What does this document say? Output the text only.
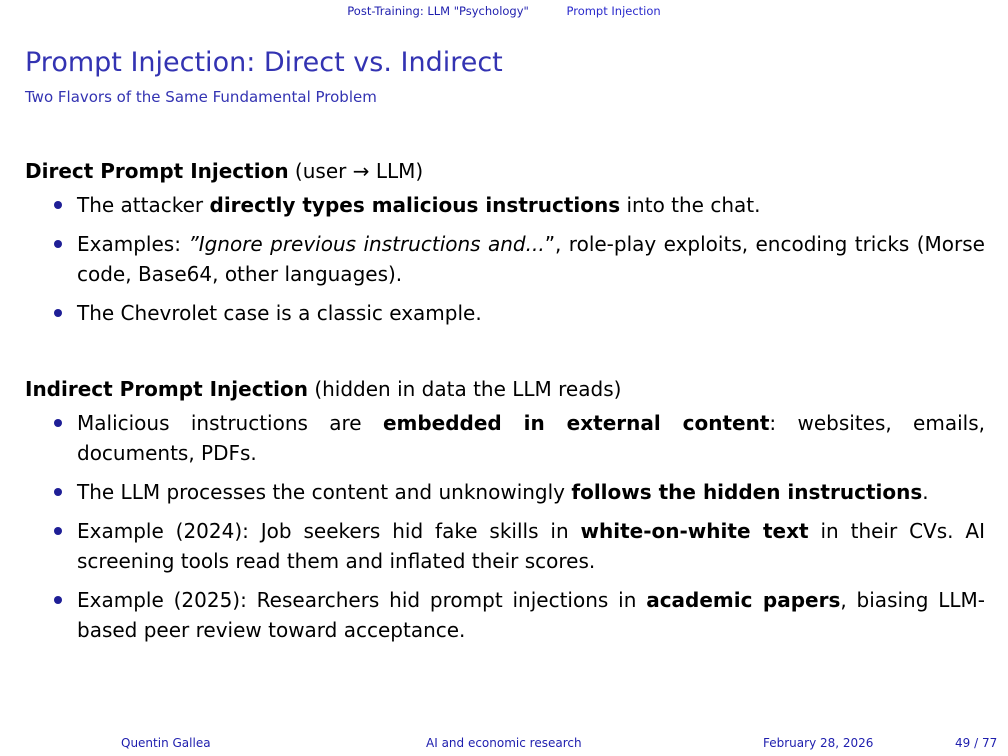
Post-Training: LLM "Psychology"	Prompt Injection
Prompt Injection: Direct vs. Indirect
Two Flavors of the Same Fundamental Problem
Direct Prompt Injection (user → LLM)
The attacker directly types malicious instructions into the chat.
Examples: ”Ignore previous instructions and...”, role-play exploits, encoding tricks (Morse code, Base64, other languages).
The Chevrolet case is a classic example.
Indirect Prompt Injection (hidden in data the LLM reads)
Malicious instructions are embedded in external content: websites, emails, documents, PDFs.
The LLM processes the content and unknowingly follows the hidden instructions.
Example (2024): Job seekers hid fake skills in white-on-white text in their CVs. AI screening tools read them and inflated their scores.
Example (2025): Researchers hid prompt injections in academic papers, biasing LLM-based peer review toward acceptance.
Quentin Gallea	AI and economic research	February 28, 2026	49 / 77
